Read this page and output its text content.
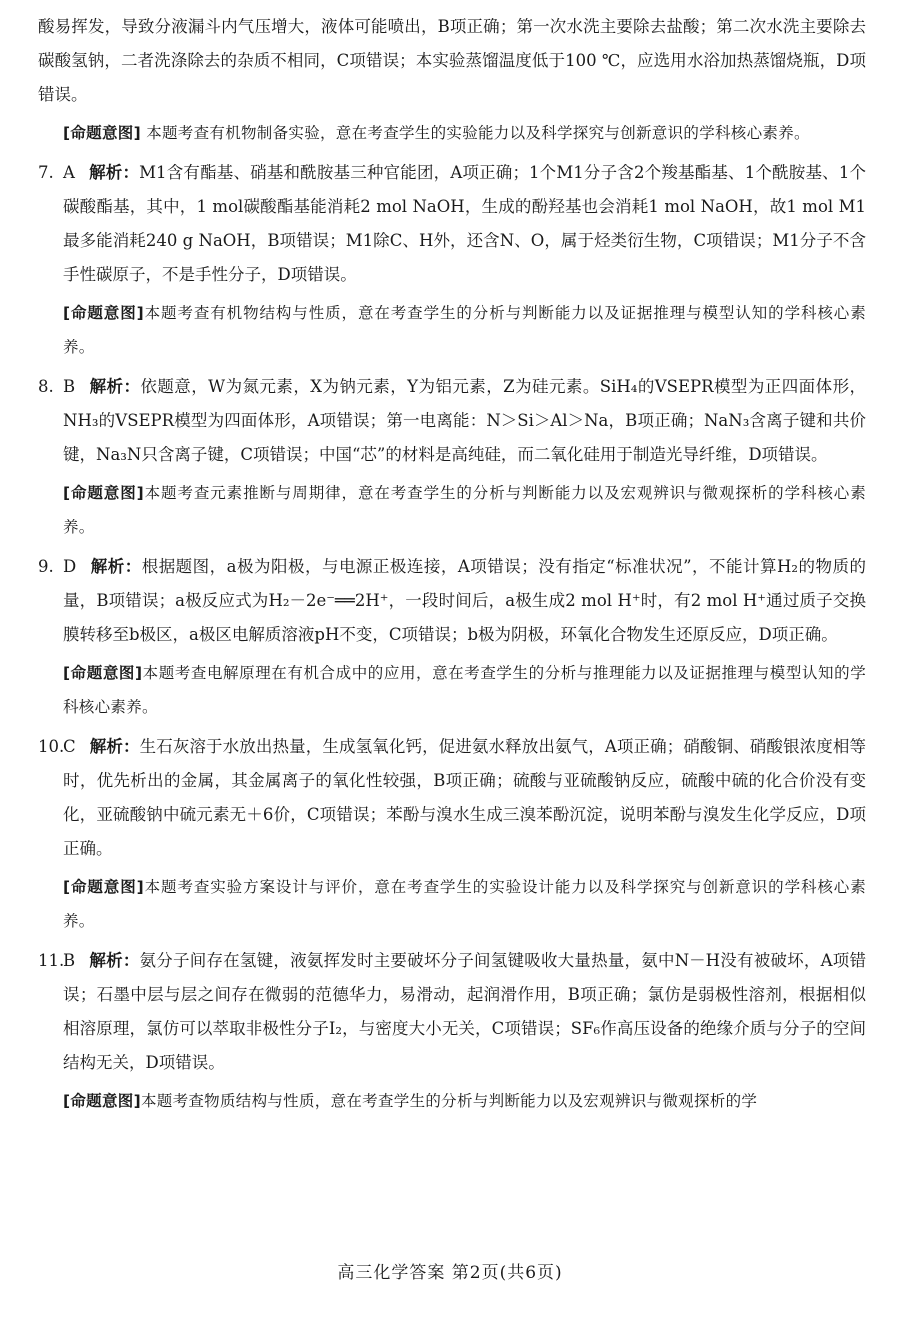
酸易挥发，导致分液漏斗内气压增大，液体可能喷出，B项正确；第一次水洗主要除去盐酸；第二次水洗主要除去碳酸氢钠，二者洗涤除去的杂质不相同，C项错误；本实验蒸馏温度低于100 ℃，应选用水浴加热蒸馏烧瓶，D项错误。

[命题意图] 本题考查有机物制备实验，意在考查学生的实验能力以及科学探究与创新意识的学科核心素养。

7. A 解析：M1含有酯基、硝基和酰胺基三种官能团，A项正确；1个M1分子含2个羧基酯基、1个酰胺基、1个碳酸酯基，其中，1 mol碳酸酯基能消耗2 mol NaOH，生成的酚羟基也会消耗1 mol NaOH，故1 mol M1最多能消耗240 g NaOH，B项错误；M1除C、H外，还含N、O，属于烃类衍生物，C项错误；M1分子不含手性碳原子，不是手性分子，D项错误。

[命题意图]本题考查有机物结构与性质，意在考查学生的分析与判断能力以及证据推理与模型认知的学科核心素养。

8. B 解析：依题意，W为氮元素，X为钠元素，Y为铝元素，Z为硅元素。SiH₄的VSEPR模型为正四面体形，NH₃的VSEPR模型为四面体形，A项错误；第一电离能：N＞Si＞Al＞Na，B项正确；NaN₃含离子键和共价键，Na₃N只含离子键，C项错误；中国“芯”的材料是高纯硅，而二氧化硅用于制造光导纤维，D项错误。

[命题意图]本题考查元素推断与周期律，意在考查学生的分析与判断能力以及宏观辨识与微观探析的学科核心素养。

9. D 解析：根据题图，a极为阳极，与电源正极连接，A项错误；没有指定“标准状况”，不能计算H₂的物质的量，B项错误；a极反应式为H₂－2e⁻══2H⁺，一段时间后，a极生成2 mol H⁺时，有2 mol H⁺通过质子交换膜转移至b极区，a极区电解质溶液pH不变，C项错误；b极为阴极，环氧化合物发生还原反应，D项正确。

[命题意图]本题考查电解原理在有机合成中的应用，意在考查学生的分析与推理能力以及证据推理与模型认知的学科核心素养。

10.
C 解析：生石灰溶于水放出热量，生成氢氧化钙，促进氨水释放出氨气，A项正确；硝酸铜、硝酸银浓度相等时，优先析出的金属，其金属离子的氧化性较强，B项正确；硫酸与亚硫酸钠反应，硫酸中硫的化合价没有变化，亚硫酸钠中硫元素无＋6价，C项错误；苯酚与溴水生成三溴苯酚沉淀，说明苯酚与溴发生化学反应，D项正确。

[命题意图]本题考查实验方案设计与评价，意在考查学生的实验设计能力以及科学探究与创新意识的学科核心素养。

11.
B 解析：氨分子间存在氢键，液氨挥发时主要破坏分子间氢键吸收大量热量，氨中N－H没有被破坏，A项错误；石墨中层与层之间存在微弱的范德华力，易滑动，起润滑作用，B项正确；氯仿是弱极性溶剂，根据相似相溶原理，氯仿可以萃取非极性分子I₂，与密度大小无关，C项错误；SF₆作高压设备的绝缘介质与分子的空间结构无关，D项错误。

[命题意图]本题考查物质结构与性质，意在考查学生的分析与判断能力以及宏观辨识与微观探析的学
高三化学答案 第2页(共6页)
